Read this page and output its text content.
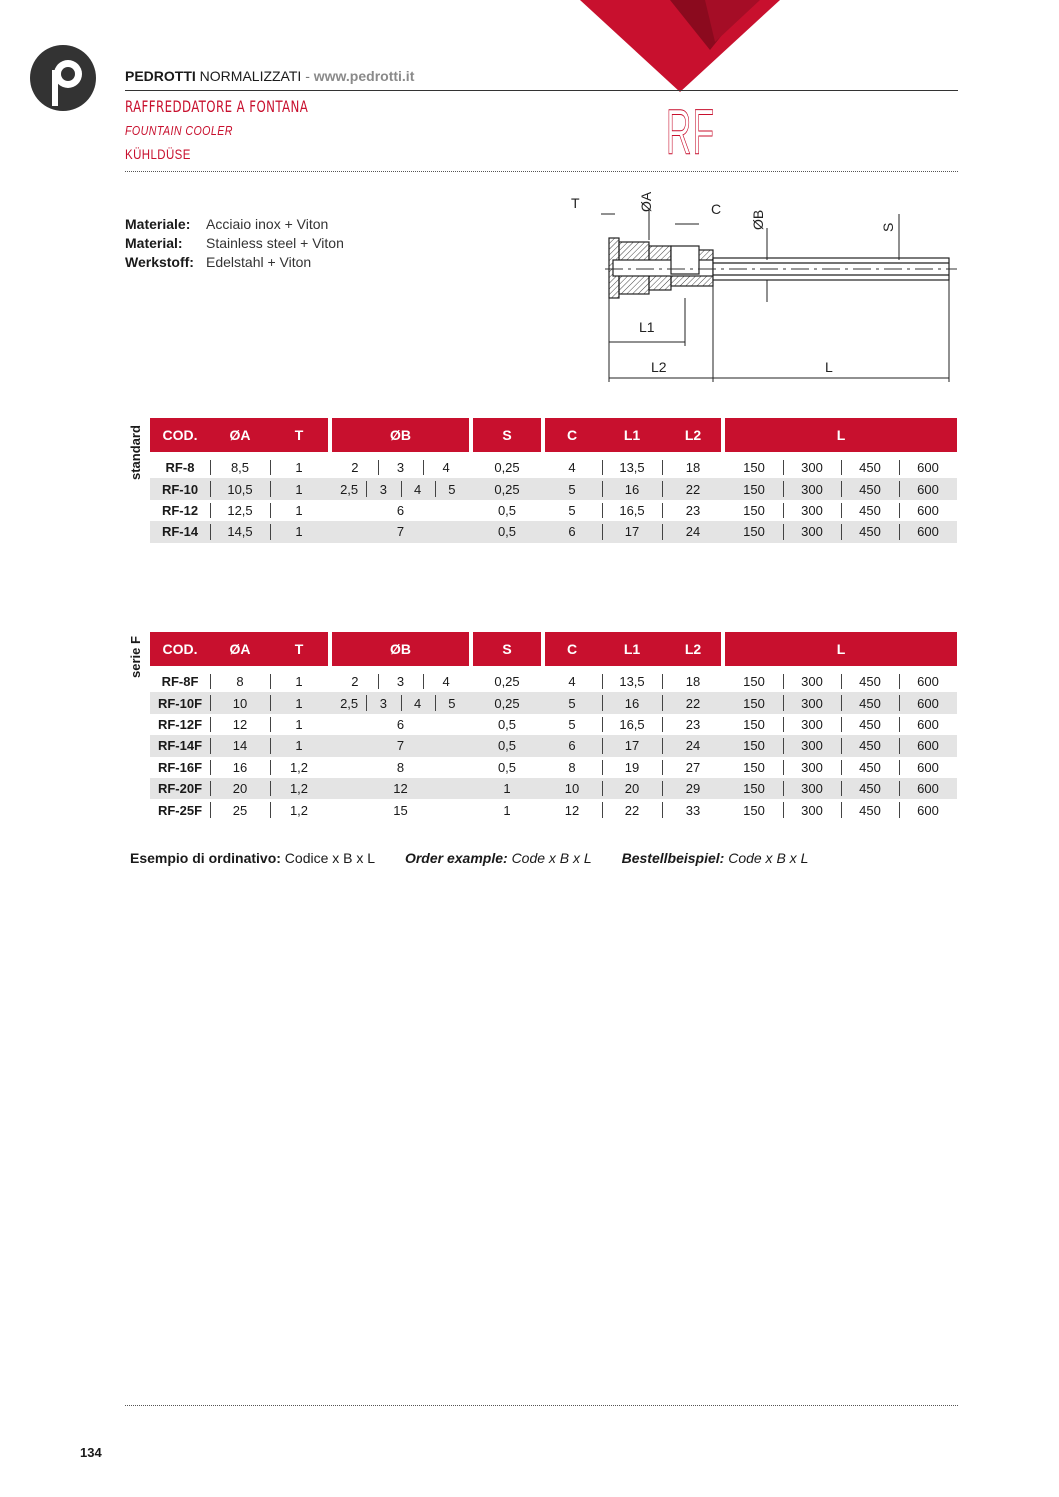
PEDROTTI NORMALIZZATI - www.pedrotti.it
RAFFREDDATORE A FONTANA
FOUNTAIN COOLER
KÜHLDÜSE	RF
Materiale: Acciaio inox + Viton
Material: Stainless steel + Viton
Werkstoff: Edelstahl + Viton
T	C
L1
L2	L
ØA
ØB	S
standard	COD.	ØA	T	ØB	S	C	L1	L2	L
RF-8	8,5	1	2	3	4	0,25	4	13,5	18	150	300	450	600
RF-10	10,5	1	2,5	3	4	5	0,25	5	16	22	150	300	450	600
RF-12	12,5	1	6	0,5	5	16,5	23	150	300	450	600
RF-14	14,5	1	7	0,5	6	17	24	150	300	450	600
serie F	COD.	ØA	T	ØB	S	C	L1	L2	L
RF-8F	8	1	2	3	4	0,25	4	13,5	18	150	300	450	600
RF-10F	10	1	2,5	3	4	5	0,25	5	16	22	150	300	450	600
RF-12F	12	1	6	0,5	5	16,5	23	150	300	450	600
RF-14F	14	1	7	0,5	6	17	24	150	300	450	600
RF-16F	16	1,2	8	0,5	8	19	27	150	300	450	600
RF-20F	20	1,2	12	1	10	20	29	150	300	450	600
RF-25F	25	1,2	15	1	12	22	33	150	300	450	600
Esempio di ordinativo: Codice x B x L Order example: Code x B x L Bestellbeispiel: Code x B x L
134
